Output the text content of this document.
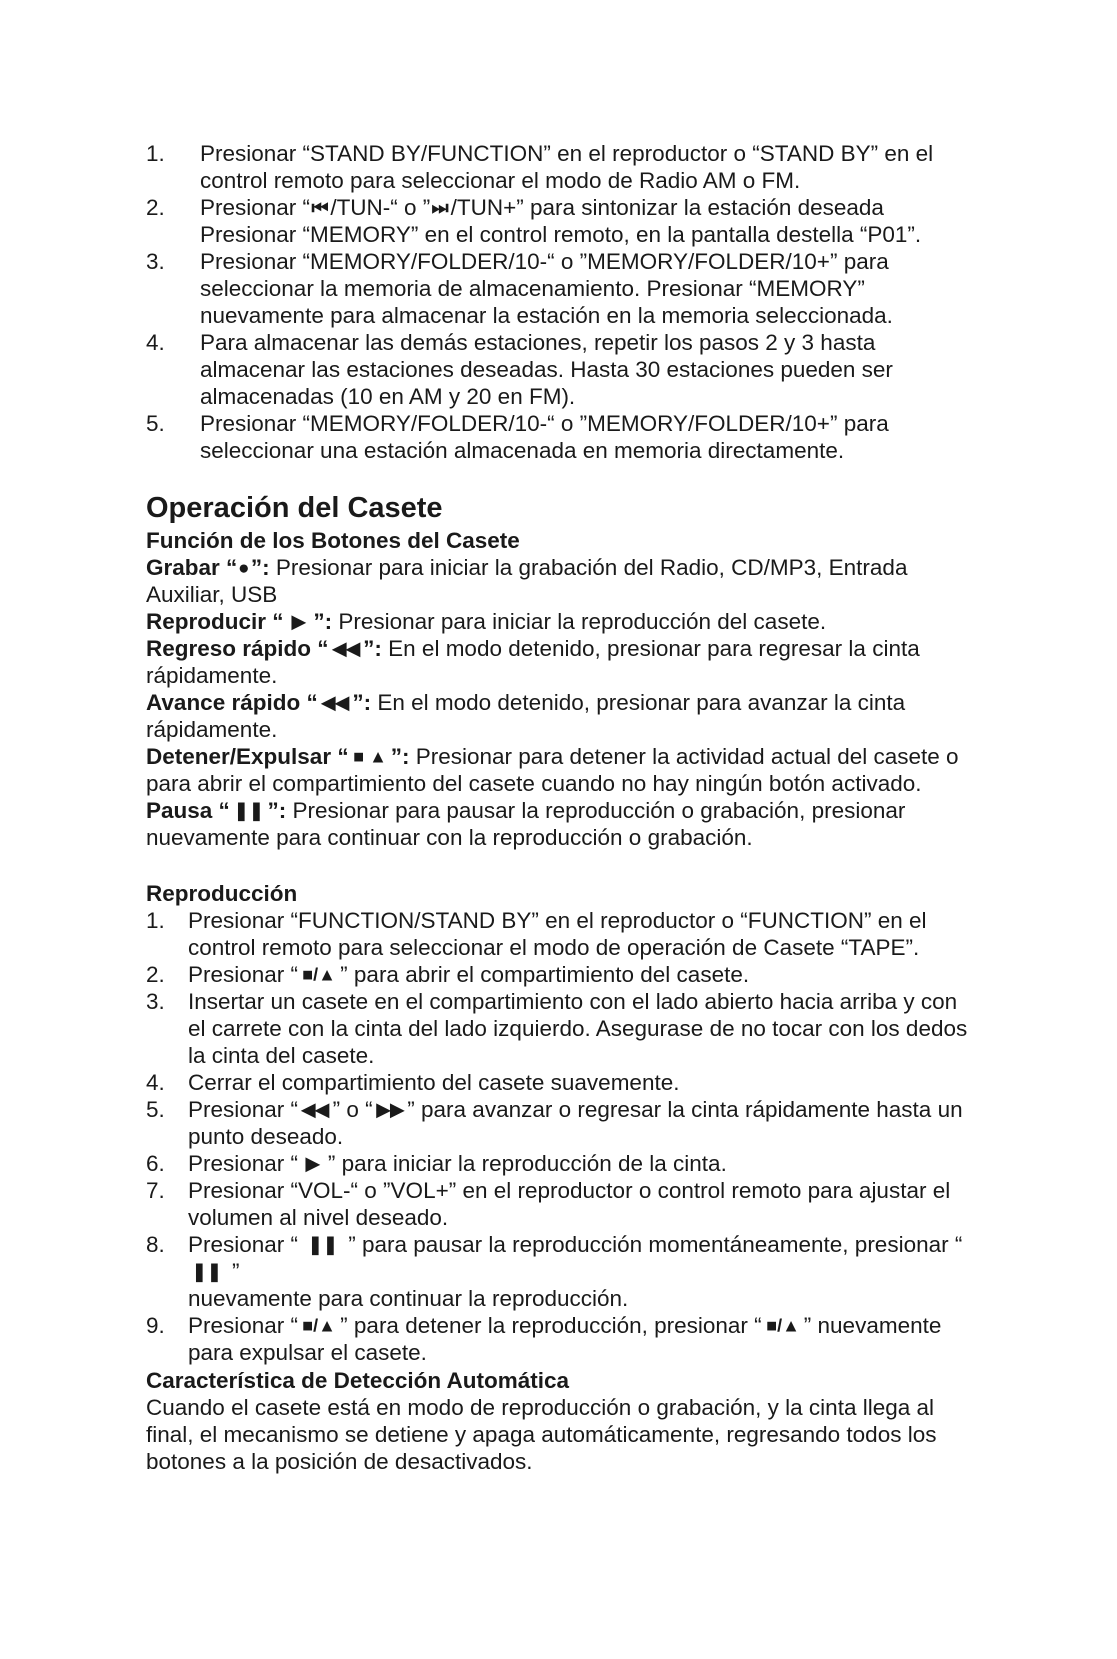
1. Presionar “STAND BY/FUNCTION” en el reproductor o “STAND BY” en el
control remoto para seleccionar el modo de Radio AM o FM.
2. Presionar “⏮/TUN-“ o ”⏭/TUN+” para sintonizar la estación deseada
Presionar “MEMORY” en el control remoto, en la pantalla destella “P01”.
3. Presionar “MEMORY/FOLDER/10-“ o ”MEMORY/FOLDER/10+” para
seleccionar la memoria de almacenamiento. Presionar “MEMORY”
nuevamente para almacenar la estación en la memoria seleccionada.
4. Para almacenar las demás estaciones, repetir los pasos 2 y 3 hasta
almacenar las estaciones deseadas. Hasta 30 estaciones pueden ser
almacenadas (10 en AM y 20 en FM).
5. Presionar “MEMORY/FOLDER/10-“ o ”MEMORY/FOLDER/10+” para
seleccionar una estación almacenada en memoria directamente.
Operación del Casete

Función de los Botones del Casete

Grabar “●”: Presionar para iniciar la grabación del Radio, CD/MP3, Entrada
Auxiliar, USB

Reproducir “ ▶ ”: Presionar para iniciar la reproducción del casete.

Regreso rápido “ ◀◀ ”: En el modo detenido, presionar para regresar la cinta
rápidamente.

Avance rápido “ ◀◀ ”: En el modo detenido, presionar para avanzar la cinta
rápidamente.

Detener/Expulsar “ ■ ▲ ”: Presionar para detener la actividad actual del casete o
para abrir el compartimiento del casete cuando no hay ningún botón activado.

Pausa “ ❚❚ ”: Presionar para pausar la reproducción o grabación, presionar
nuevamente para continuar con la reproducción o grabación.

Reproducción

1. Presionar “FUNCTION/STAND BY” en el reproductor o “FUNCTION” en el
control remoto para seleccionar el modo de operación de Casete “TAPE”.
2. Presionar “ ■/▲ ” para abrir el compartimiento del casete.
3. Insertar un casete en el compartimiento con el lado abierto hacia arriba y con
el carrete con la cinta del lado izquierdo. Asegurase de no tocar con los dedos
la cinta del casete.
4. Cerrar el compartimiento del casete suavemente.
5. Presionar “ ◀◀ ” o “ ▶▶ ” para avanzar o regresar la cinta rápidamente hasta un
punto deseado.
6. Presionar “ ▶ ” para iniciar la reproducción de la cinta.
7. Presionar “VOL-“ o ”VOL+” en el reproductor o control remoto para ajustar el
volumen al nivel deseado.
8. Presionar “ ❚❚ ” para pausar la reproducción momentáneamente, presionar “ ❚❚ ”
nuevamente para continuar la reproducción.
9. Presionar “ ■/▲ ” para detener la reproducción, presionar “ ■/▲ ” nuevamente
para expulsar el casete.

Característica de Detección Automática

Cuando el casete está en modo de reproducción o grabación, y la cinta llega al
final, el mecanismo se detiene y apaga automáticamente, regresando todos los
botones a la posición de desactivados.
